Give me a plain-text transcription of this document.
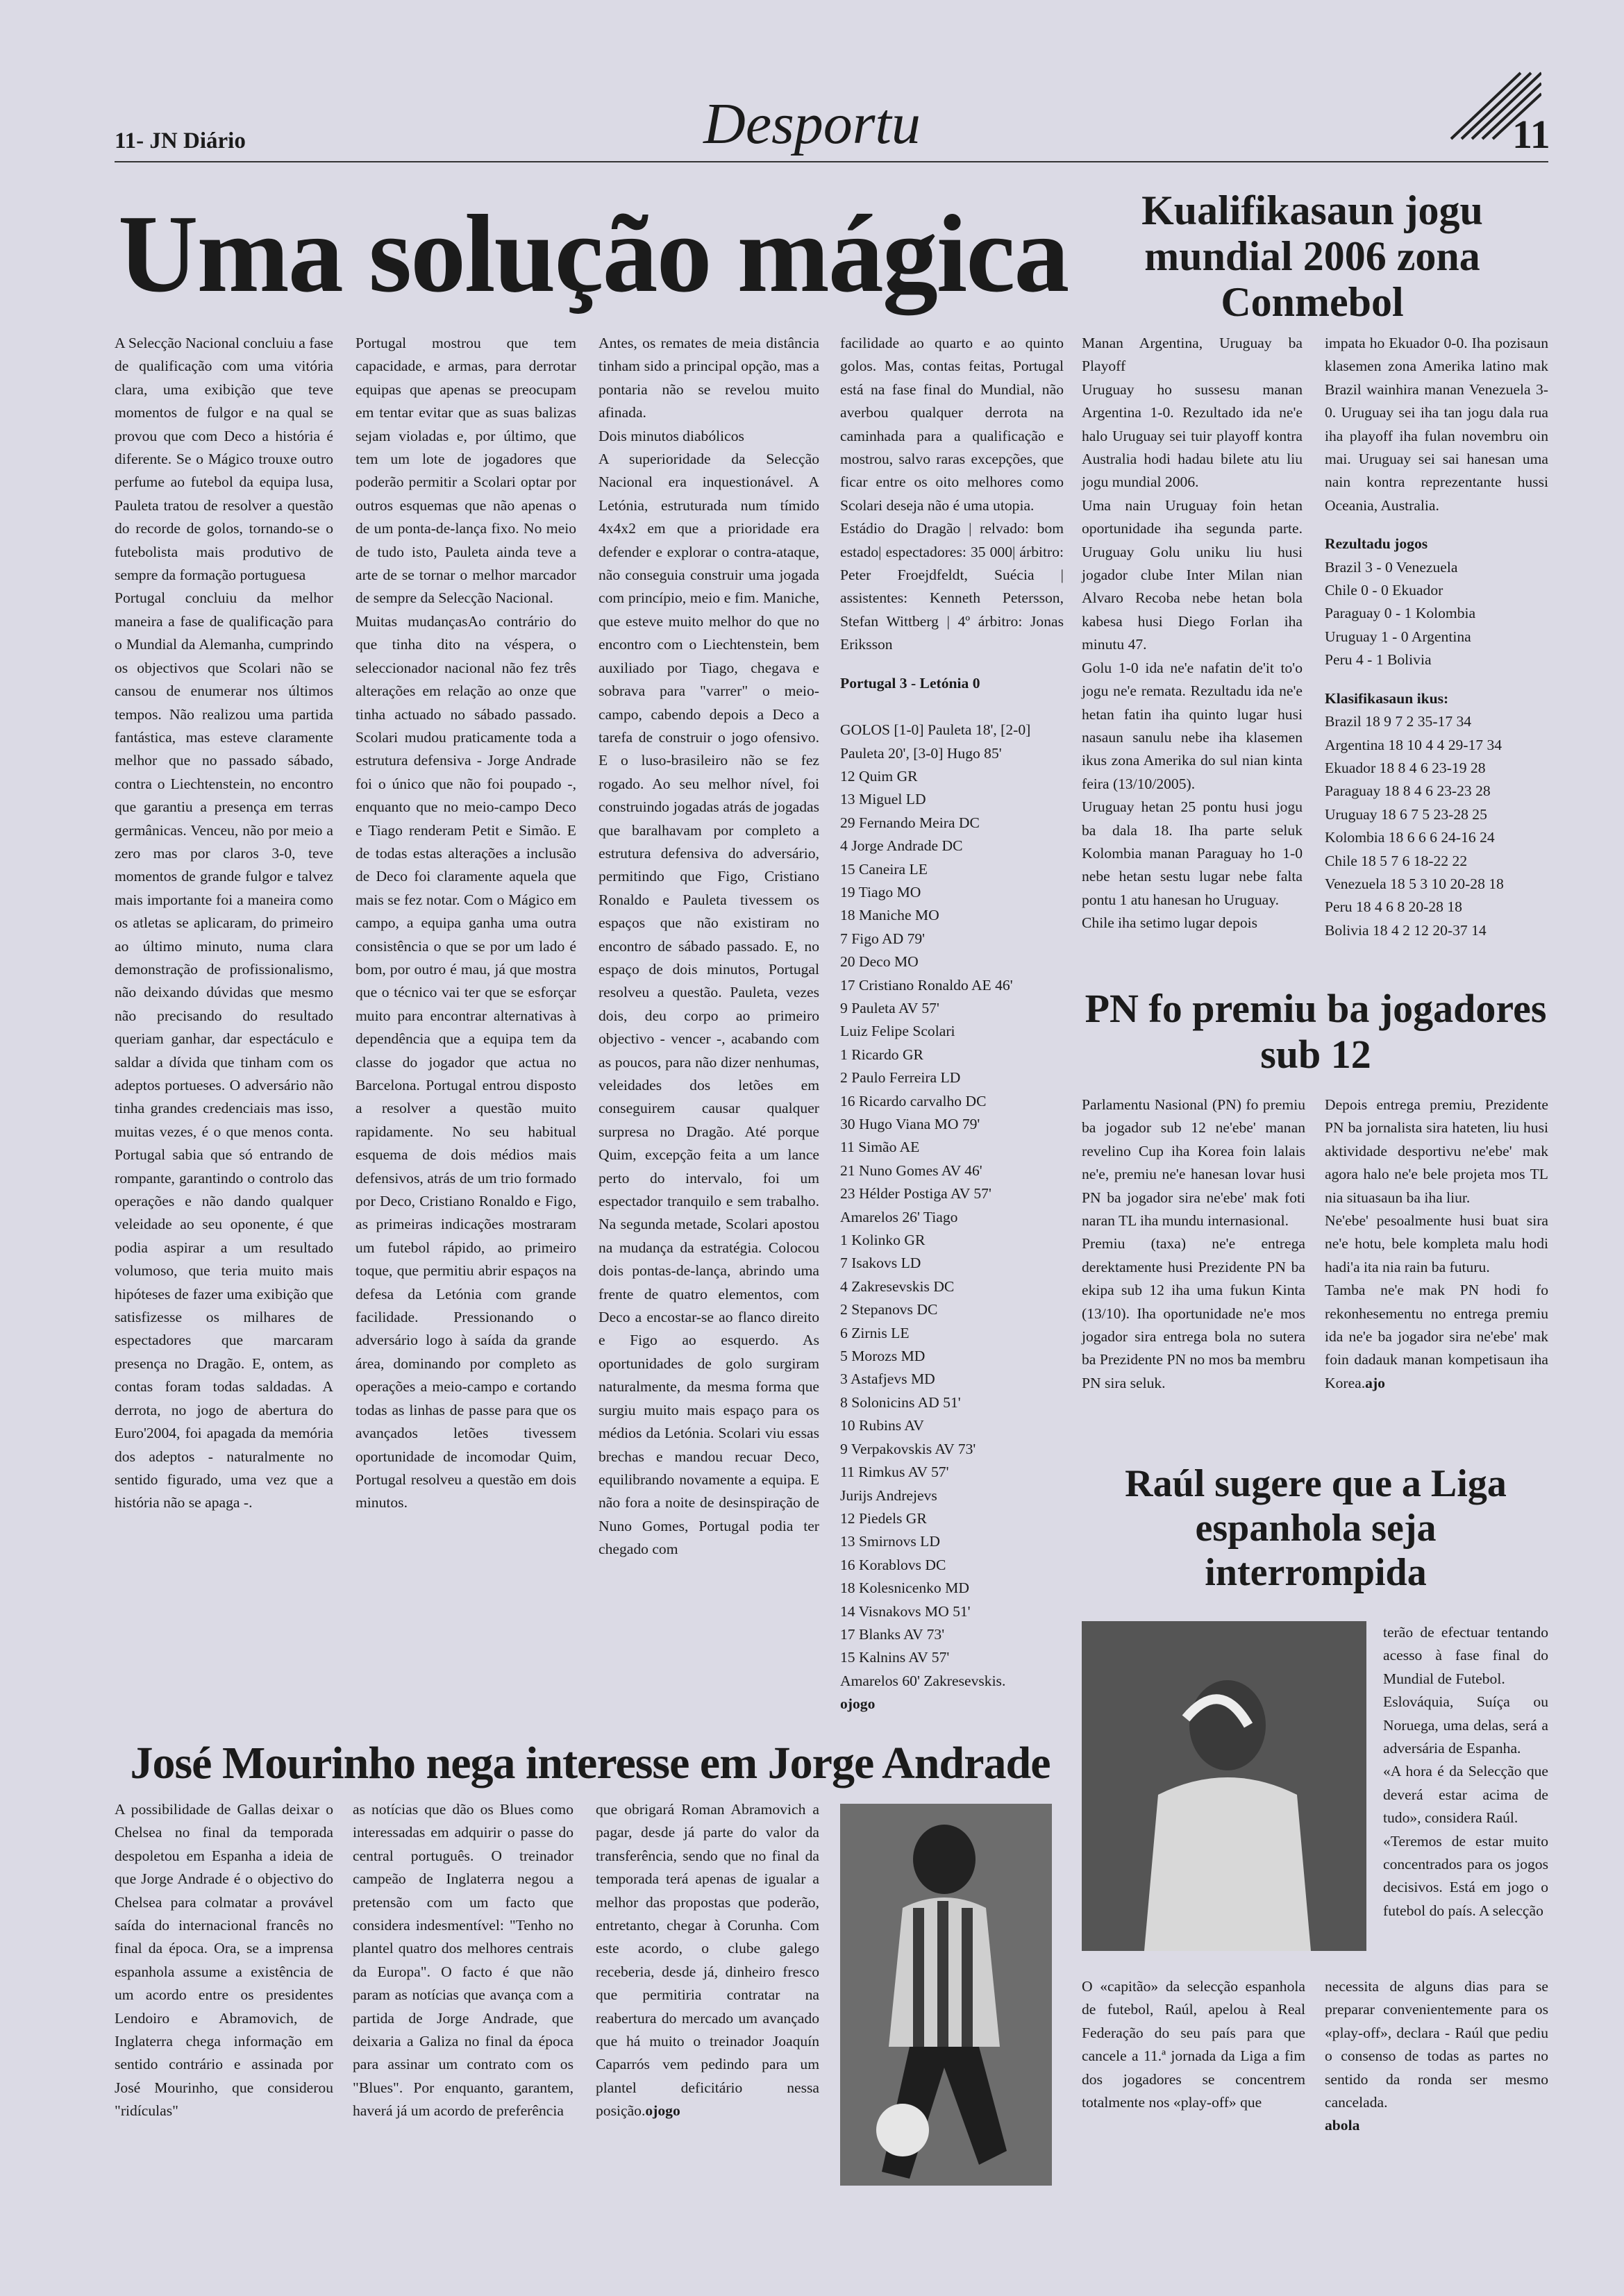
11- JN Diário	Desportu	11
Uma solução mágica

A Selecção Nacional concluiu a fase de qualificação com uma vitória clara, uma exibição que teve momentos de fulgor e na qual se provou que com Deco a história é diferente. Se o Mágico trouxe outro perfume ao futebol da equipa lusa, Pauleta tratou de resolver a questão do recorde de golos, tornando-se o futebolista mais produtivo de sempre da formação portuguesa
Portugal concluiu da melhor maneira a fase de qualificação para o Mundial da Alemanha, cumprindo os objectivos que Scolari não se cansou de enumerar nos últimos tempos. Não realizou uma partida fantástica, mas esteve claramente melhor que no passado sábado, contra o Liechtenstein, no encontro que garantiu a presença em terras germânicas. Venceu, não por meio a zero mas por claros 3-0, teve momentos de grande fulgor e talvez mais importante foi a maneira como os atletas se aplicaram, do primeiro ao último minuto, numa clara demonstração de profissionalismo, não deixando dúvidas que mesmo não precisando do resultado queriam ganhar, dar espectáculo e saldar a dívida que tinham com os adeptos portueses. O adversário não tinha grandes credenciais mas isso, muitas vezes, é o que menos conta. Portugal sabia que só entrando de rompante, garantindo o controlo das operações e não dando qualquer veleidade ao seu oponente, é que podia aspirar a um resultado volumoso, que teria muito mais hipóteses de fazer uma exibição que satisfizesse os milhares de espectadores que marcaram presença no Dragão. E, ontem, as contas foram todas saldadas. A derrota, no jogo de abertura do Euro'2004, foi apagada da memória dos adeptos - naturalmente no sentido figurado, uma vez que a história não se apaga -.

Portugal mostrou que tem capacidade, e armas, para derrotar equipas que apenas se preocupam em tentar evitar que as suas balizas sejam violadas e, por último, que tem um lote de jogadores que poderão permitir a Scolari optar por outros esquemas que não apenas o de um ponta-de-lança fixo. No meio de tudo isto, Pauleta ainda teve a arte de se tornar o melhor marcador de sempre da Selecção Nacional.
Muitas mudançasAo contrário do que tinha dito na véspera, o seleccionador nacional não fez três alterações em relação ao onze que tinha actuado no sábado passado. Scolari mudou praticamente toda a estrutura defensiva - Jorge Andrade foi o único que não foi poupado -, enquanto que no meio-campo Deco e Tiago renderam Petit e Simão. E de todas estas alterações a inclusão de Deco foi claramente aquela que mais se fez notar. Com o Mágico em campo, a equipa ganha uma outra consistência o que se por um lado é bom, por outro é mau, já que mostra que o técnico vai ter que se esforçar muito para encontrar alternativas à dependência que a equipa tem da classe do jogador que actua no Barcelona. Portugal entrou disposto a resolver a questão muito rapidamente. No seu habitual esquema de dois médios mais defensivos, atrás de um trio formado por Deco, Cristiano Ronaldo e Figo, as primeiras indicações mostraram um futebol rápido, ao primeiro toque, que permitiu abrir espaços na defesa da Letónia com grande facilidade. Pressionando o adversário logo à saída da grande área, dominando por completo as operações a meio-campo e cortando todas as linhas de passe para que os avançados letões tivessem oportunidade de incomodar Quim, Portugal resolveu a questão em dois minutos.

Antes, os remates de meia distância tinham sido a principal opção, mas a pontaria não se revelou muito afinada.
Dois minutos diabólicos
A superioridade da Selecção Nacional era inquestionável. A Letónia, estruturada num tímido 4x4x2 em que a prioridade era defender e explorar o contra-ataque, não conseguia construir uma jogada com princípio, meio e fim. Maniche, que esteve muito melhor do que no encontro com o Liechtenstein, bem auxiliado por Tiago, chegava e sobrava para "varrer" o meio-campo, cabendo depois a Deco a tarefa de construir o jogo ofensivo. E o luso-brasileiro não se fez rogado. Ao seu melhor nível, foi construindo jogadas atrás de jogadas que baralhavam por completo a estrutura defensiva do adversário, permitindo que Figo, Cristiano Ronaldo e Pauleta tivessem os espaços que não existiram no encontro de sábado passado. E, no espaço de dois minutos, Portugal resolveu a questão. Pauleta, vezes dois, deu corpo ao primeiro objectivo - vencer -, acabando com as poucos, para não dizer nenhumas, veleidades dos letões em conseguirem causar qualquer surpresa no Dragão. Até porque Quim, excepção feita a um lance perto do intervalo, foi um espectador tranquilo e sem trabalho. Na segunda metade, Scolari apostou na mudança da estratégia. Colocou dois pontas-de-lança, abrindo uma frente de quatro elementos, com Deco a encostar-se ao flanco direito e Figo ao esquerdo. As oportunidades de golo surgiram naturalmente, da mesma forma que surgiu muito mais espaço para os médios da Letónia. Scolari viu essas brechas e mandou recuar Deco, equilibrando novamente a equipa. E não fora a noite de desinspiração de Nuno Gomes, Portugal podia ter chegado com

facilidade ao quarto e ao quinto golos. Mas, contas feitas, Portugal está na fase final do Mundial, não averbou qualquer derrota na caminhada para a qualificação e mostrou, salvo raras excepções, que ficar entre os oito melhores como Scolari deseja não é uma utopia.
Estádio do Dragão | relvado: bom estado| espectadores: 35 000| árbitro: Peter Froejdfeldt, Suécia | assistentes: Kenneth Petersson, Stefan Wittberg | 4º árbitro: Jonas Eriksson

Portugal 3 - Letónia 0

GOLOS [1-0] Pauleta 18', [2-0] Pauleta 20', [3-0] Hugo 85'
12 Quim GR
13 Miguel LD
29 Fernando Meira DC
4 Jorge Andrade DC
15 Caneira LE
19 Tiago MO
18 Maniche MO
7 Figo AD 79'
20 Deco MO
17 Cristiano Ronaldo AE 46'
9 Pauleta AV 57'
Luiz Felipe Scolari
1 Ricardo GR
2 Paulo Ferreira LD
16 Ricardo carvalho DC
30 Hugo Viana MO 79'
11 Simão AE
21 Nuno Gomes AV 46'
23 Hélder Postiga AV 57'
Amarelos 26' Tiago
1 Kolinko GR
7 Isakovs LD
4 Zakresevskis DC
2 Stepanovs DC
6 Zirnis LE
5 Morozs MD
3 Astafjevs MD
8 Solonicins AD 51'
10 Rubins AV
9 Verpakovskis AV 73'
11 Rimkus AV 57'
Jurijs Andrejevs
12 Piedels GR
13 Smirnovs LD
16 Korablovs DC
18 Kolesnicenko MD
14 Visnakovs MO 51'
17 Blanks AV 73'
15 Kalnins AV 57'
Amarelos 60' Zakresevskis.

ojogo

Kualifikasaun jogu mundial 2006 zona Conmebol

Manan Argentina, Uruguay ba Playoff
Uruguay ho sussesu manan Argentina 1-0. Rezultado ida ne'e halo Uruguay sei tuir playoff kontra Australia hodi hadau bilete atu liu jogu mundial 2006.
Uma nain Uruguay foin hetan oportunidade iha segunda parte. Uruguay Golu uniku liu husi jogador clube Inter Milan nian Alvaro Recoba nebe hetan bola kabesa husi Diego Forlan iha minutu 47.
Golu 1-0 ida ne'e nafatin de'it to'o jogu ne'e remata. Rezultadu ida ne'e hetan fatin iha quinto lugar husi nasaun sanulu nebe iha klasemen ikus zona Amerika do sul nian kinta feira (13/10/2005).
Uruguay hetan 25 pontu husi jogu ba dala 18. Iha parte seluk Kolombia manan Paraguay ho 1-0 nebe hetan sestu lugar nebe falta pontu 1 atu hanesan ho Uruguay.
Chile iha setimo lugar depois

impata ho Ekuador 0-0. Iha pozisaun klasemen zona Amerika latino mak Brazil wainhira manan Venezuela 3-0. Uruguay sei iha tan jogu dala rua iha playoff iha fulan novembru oin mai. Uruguay sei sai hanesan uma nain kontra reprezentante hussi Oceania, Australia.

Rezultadu jogos

Brazil 3 - 0 Venezuela
Chile 0 - 0 Ekuador
Paraguay 0 - 1 Kolombia
Uruguay 1 - 0 Argentina
Peru 4 - 1 Bolivia

Klasifikasaun ikus:

Brazil 18 9 7 2 35-17 34
Argentina 18 10 4 4 29-17 34
Ekuador 18 8 4 6 23-19 28
Paraguay 18 8 4 6 23-23 28
Uruguay 18 6 7 5 23-28 25
Kolombia 18 6 6 6 24-16 24
Chile 18 5 7 6 18-22 22
Venezuela 18 5 3 10 20-28 18
Peru 18 4 6 8 20-28 18
Bolivia 18 4 2 12 20-37 14
PN fo premiu ba jogadores sub 12

Parlamentu Nasional (PN) fo premiu ba jogador sub 12 ne'ebe' manan revelino Cup iha Korea foin lalais ne'e, premiu ne'e hanesan lovar husi PN ba jogador sira ne'ebe' mak foti naran TL iha mundu internasional.
Premiu (taxa) ne'e entrega derektamente husi Prezidente PN ba ekipa sub 12 iha uma fukun Kinta (13/10). Iha oportunidade ne'e mos jogador sira entrega bola no sutera ba Prezidente PN no mos ba membru PN sira seluk.

Depois entrega premiu, Prezidente PN ba jornalista sira hateten, liu husi aktividade desportivu ne'ebe' mak agora halo ne'e bele projeta mos TL nia situasaun ba iha liur.
Ne'ebe' pesoalmente husi buat sira ne'e hotu, bele kompleta malu hodi hadi'a ita nia rain ba futuru.
Tamba ne'e mak PN hodi fo rekonhesementu no entrega premiu ida ne'e ba jogador sira ne'ebe' mak foin dadauk manan kompetisaun iha Korea.ajo

Raúl sugere que a Liga espanhola seja interrompida

terão de efectuar tentando acesso à fase final do Mundial de Futebol.
Eslováquia, Suíça ou Noruega, uma delas, será a adversária de Espanha.
«A hora é da Selecção que deverá estar acima de tudo», considera Raúl.
«Teremos de estar muito concentrados para os jogos decisivos. Está em jogo o futebol do país. A selecção

O «capitão» da selecção espanhola de futebol, Raúl, apelou à Real Federação do seu país para que cancele a 11.ª jornada da Liga a fim dos jogadores se concentrem totalmente nos «play-off» que

necessita de alguns dias para se preparar convenientemente para os «play-off», declara - Raúl que pediu o consenso de todas as partes no sentido da ronda ser mesmo cancelada.

abola

José Mourinho nega interesse em Jorge Andrade

A possibilidade de Gallas deixar o Chelsea no final da temporada despoletou em Espanha a ideia de que Jorge Andrade é o objectivo do Chelsea para colmatar a provável saída do internacional francês no final da época. Ora, se a imprensa espanhola assume a existência de um acordo entre os presidentes Lendoiro e Abramovich, de Inglaterra chega informação em sentido contrário e assinada por José Mourinho, que considerou "ridículas"

as notícias que dão os Blues como interessadas em adquirir o passe do central português. O treinador campeão de Inglaterra negou a pretensão com um facto que considera indesmentível: "Tenho no plantel quatro dos melhores centrais da Europa". O facto é que não param as notícias que avança com a partida de Jorge Andrade, que deixaria a Galiza no final da época para assinar um contrato com os "Blues". Por enquanto, garantem, haverá já um acordo de preferência

que obrigará Roman Abramovich a pagar, desde já parte do valor da transferência, sendo que no final da temporada terá apenas de igualar a melhor das propostas que poderão, entretanto, chegar à Corunha. Com este acordo, o clube galego receberia, desde já, dinheiro fresco que permitiria contratar na reabertura do mercado um avançado que há muito o treinador Joaquín Caparrós vem pedindo para um plantel deficitário nessa posição.ojogo
